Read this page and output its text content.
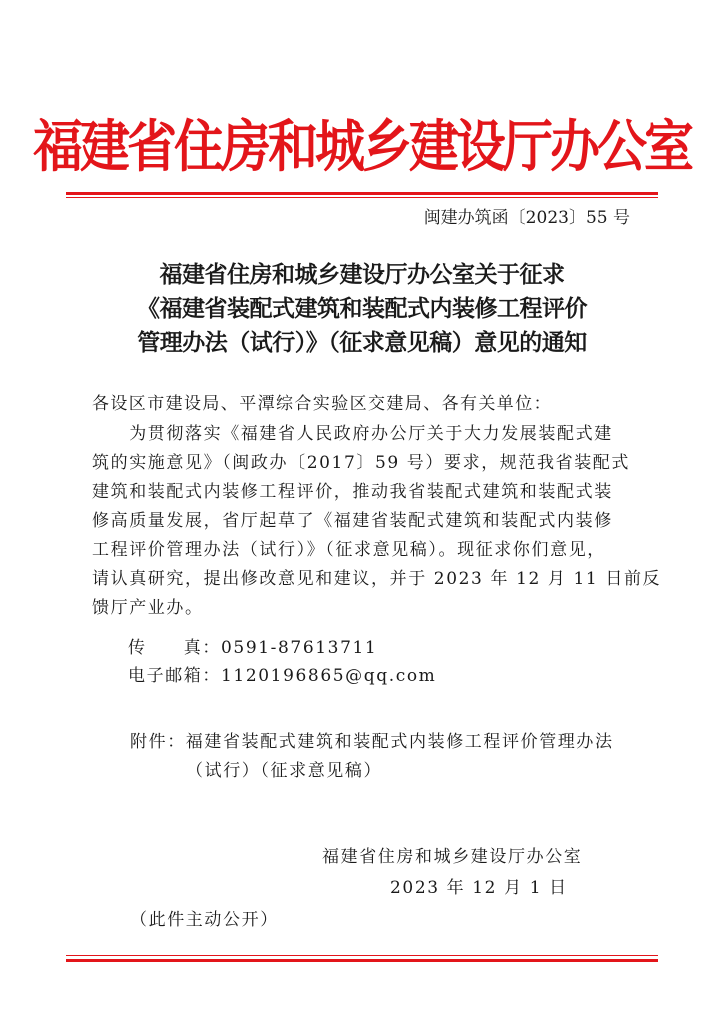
福建省住房和城乡建设厅办公室
闽建办筑函〔2023〕55 号
福建省住房和城乡建设厅办公室关于征求
《福建省装配式建筑和装配式内装修工程评价
管理办法（试行）》（征求意见稿）意见的通知
各设区市建设局、平潭综合实验区交建局、各有关单位：
　　为贯彻落实《福建省人民政府办公厅关于大力发展装配式建
筑的实施意见》（闽政办〔2017〕59 号）要求，规范我省装配式
建筑和装配式内装修工程评价，推动我省装配式建筑和装配式装
修高质量发展，省厅起草了《福建省装配式建筑和装配式内装修
工程评价管理办法（试行）》（征求意见稿）。现征求你们意见，
请认真研究，提出修改意见和建议，并于 2023 年 12 月 11 日前反
馈厅产业办。
传　　真：0591-87613711
电子邮箱：1120196865@qq.com
附件：福建省装配式建筑和装配式内装修工程评价管理办法
（试行）（征求意见稿）
福建省住房和城乡建设厅办公室
2023 年 12 月 1 日
（此件主动公开）
